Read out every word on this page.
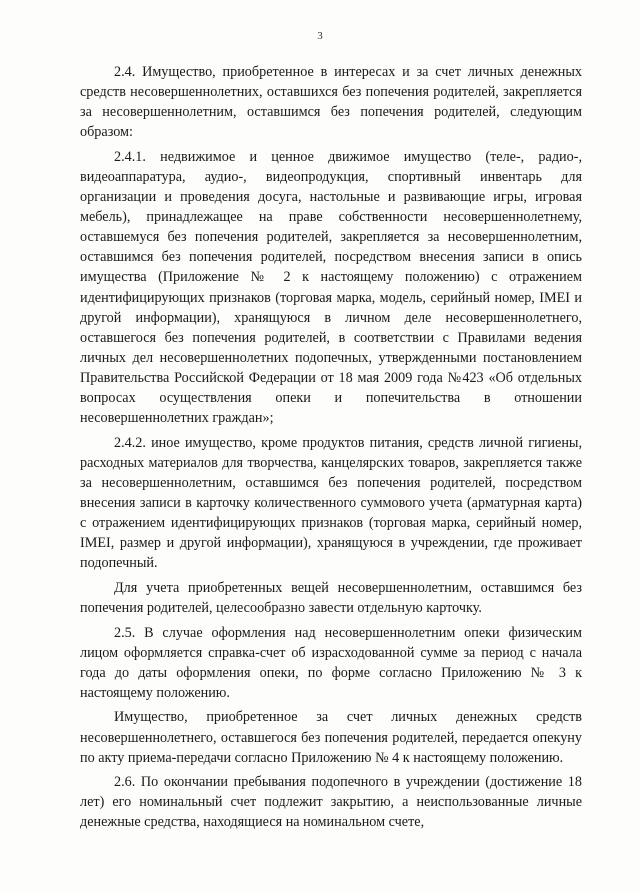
3

2.4. Имущество, приобретенное в интересах и за счет личных денежных средств несовершеннолетних, оставшихся без попечения родителей, закрепляется за несовершеннолетним, оставшимся без попечения родителей, следующим образом:

2.4.1. недвижимое и ценное движимое имущество (теле-, радио-, видеоаппаратура, аудио-, видеопродукция, спортивный инвентарь для организации и проведения досуга, настольные и развивающие игры, игровая мебель), принадлежащее на праве собственности несовершеннолетнему, оставшемуся без попечения родителей, закрепляется за несовершеннолетним, оставшимся без попечения родителей, посредством внесения записи в опись имущества (Приложение № 2 к настоящему положению) с отражением идентифицирующих признаков (торговая марка, модель, серийный номер, IMEI и другой информации), хранящуюся в личном деле несовершеннолетнего, оставшегося без попечения родителей, в соответствии с Правилами ведения личных дел несовершеннолетних подопечных, утвержденными постановлением Правительства Российской Федерации от 18 мая 2009 года №423 «Об отдельных вопросах осуществления опеки и попечительства в отношении несовершеннолетних граждан»;

2.4.2. иное имущество, кроме продуктов питания, средств личной гигиены, расходных материалов для творчества, канцелярских товаров, закрепляется также за несовершеннолетним, оставшимся без попечения родителей, посредством внесения записи в карточку количественного суммового учета (арматурная карта) с отражением идентифицирующих признаков (торговая марка, серийный номер, IMEI, размер и другой информации), хранящуюся в учреждении, где проживает подопечный.

Для учета приобретенных вещей несовершеннолетним, оставшимся без попечения родителей, целесообразно завести отдельную карточку.

2.5. В случае оформления над несовершеннолетним опеки физическим лицом оформляется справка-счет об израсходованной сумме за период с начала года до даты оформления опеки, по форме согласно Приложению № 3 к настоящему положению.

Имущество, приобретенное за счет личных денежных средств несовершеннолетнего, оставшегося без попечения родителей, передается опекуну по акту приема-передачи согласно Приложению № 4 к настоящему положению.

2.6. По окончании пребывания подопечного в учреждении (достижение 18 лет) его номинальный счет подлежит закрытию, а неиспользованные личные денежные средства, находящиеся на номинальном счете,
